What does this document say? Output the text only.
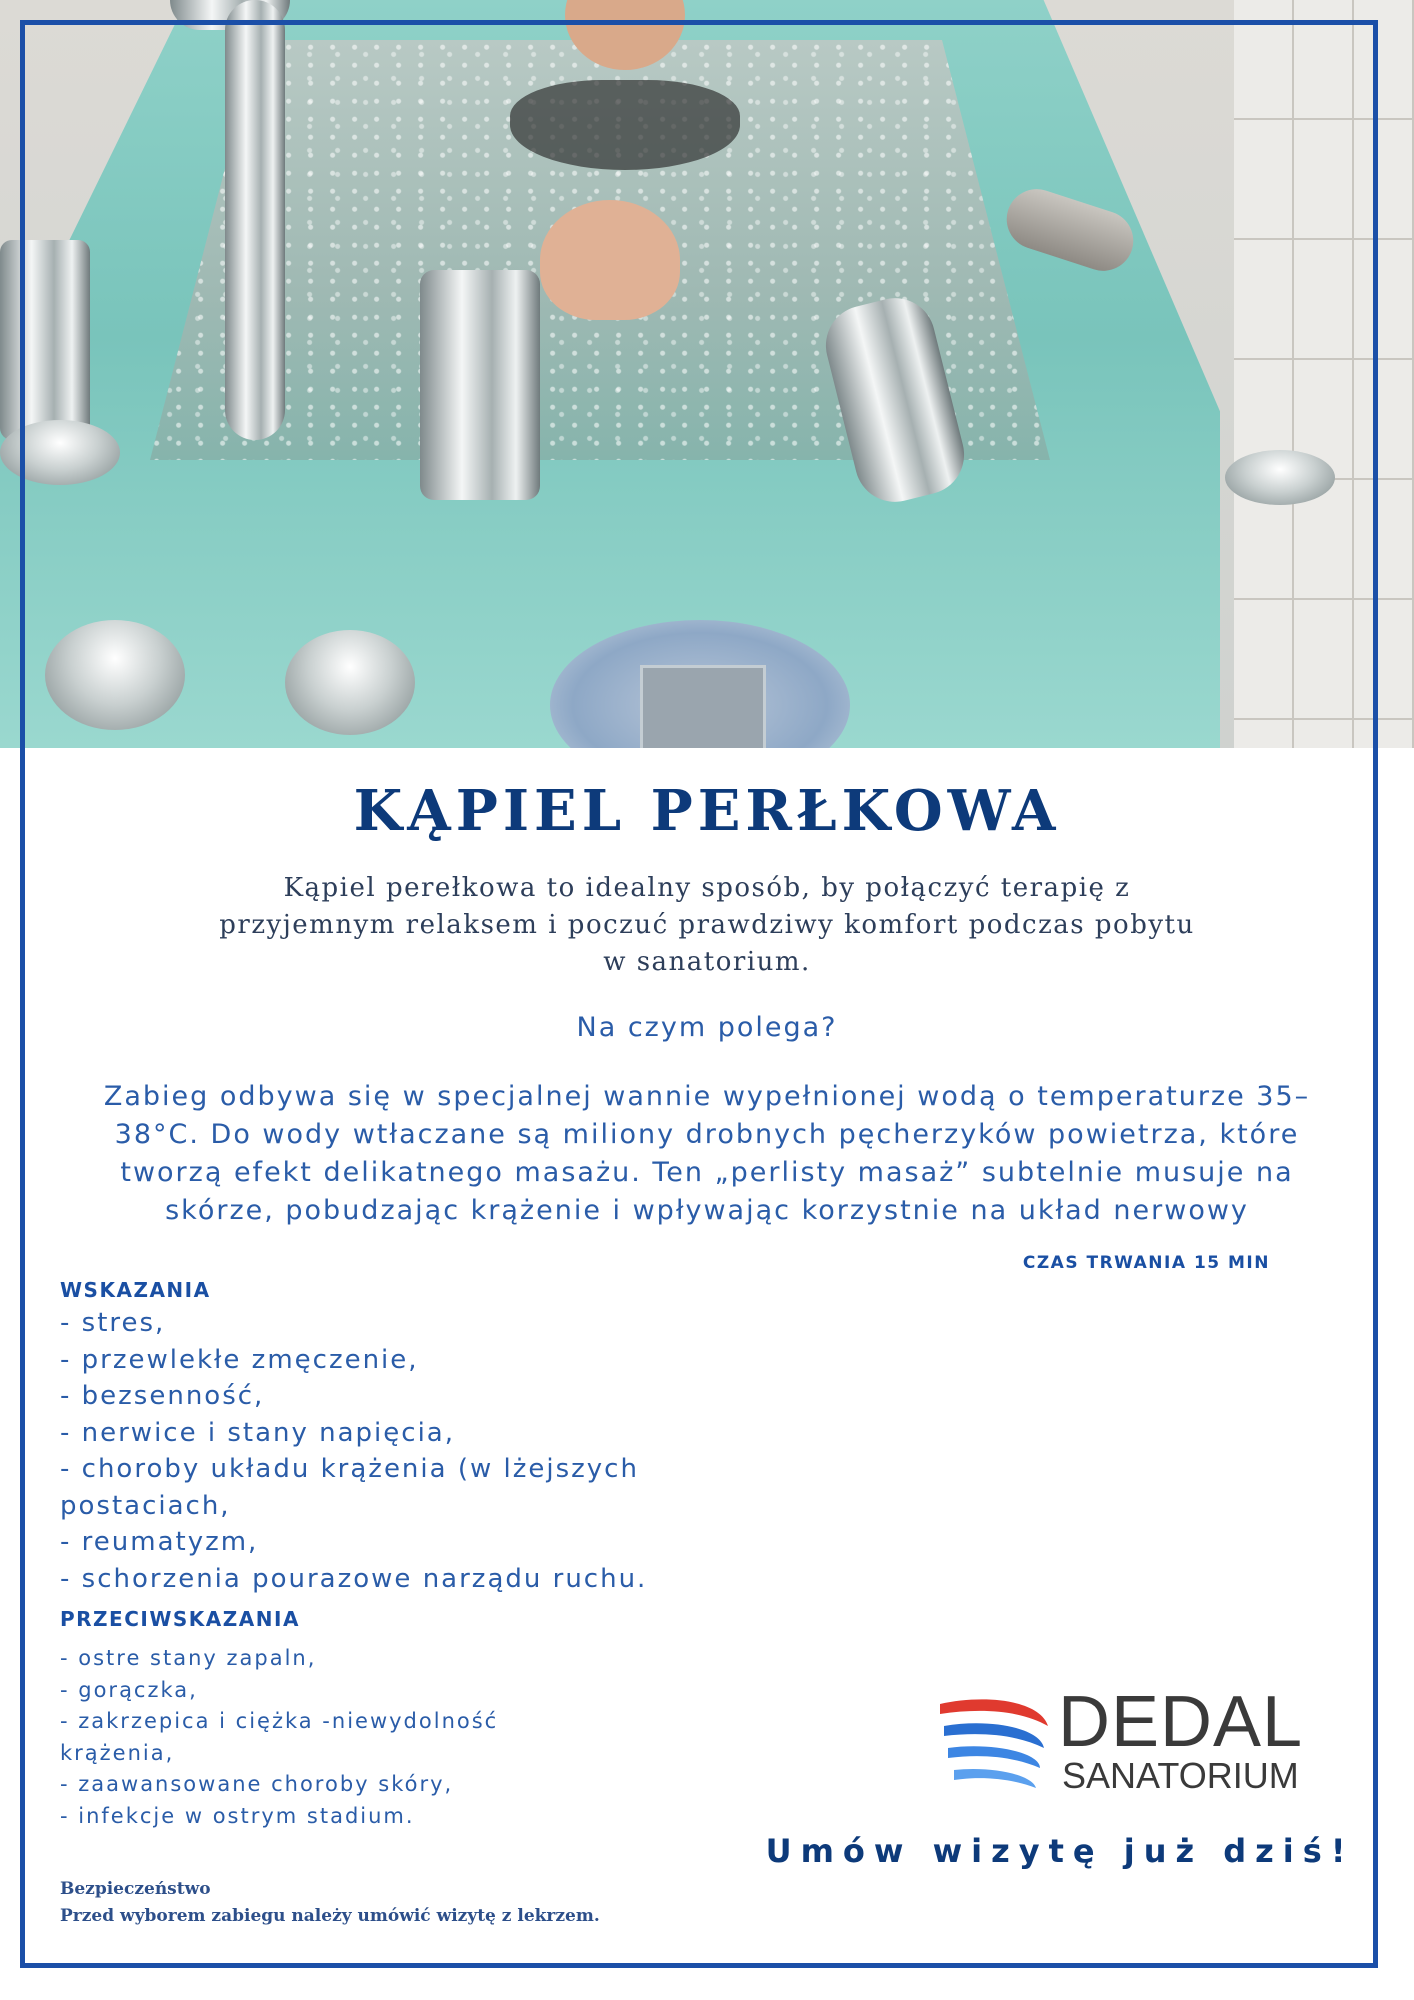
KĄPIEL PERŁKOWA
Kąpiel perełkowa to idealny sposób, by połączyć terapię z
przyjemnym relaksem i poczuć prawdziwy komfort podczas pobytu
w sanatorium.
Na czym polega?
Zabieg odbywa się w specjalnej wannie wypełnionej wodą o temperaturze 35–
38°C. Do wody wtłaczane są miliony drobnych pęcherzyków powietrza, które
tworzą efekt delikatnego masażu. Ten „perlisty masaż” subtelnie musuje na
skórze, pobudzając krążenie i wpływając korzystnie na układ nerwowy
CZAS TRWANIA 15 MIN
WSKAZANIA
- stres,
- przewlekłe zmęczenie,
- bezsenność,
- nerwice i stany napięcia,
- choroby układu krążenia (w lżejszych postaciach,
- reumatyzm,
- schorzenia pourazowe narządu ruchu.
PRZECIWSKAZANIA
- ostre stany zapaln,
- gorączka,
- zakrzepica i ciężka -niewydolność krążenia,
- zaawansowane choroby skóry,
- infekcje w ostrym stadium.
Bezpieczeństwo
Przed wyborem zabiegu należy umówić wizytę z lekrzem.
DEDAL
SANATORIUM
Umów wizytę już dziś!
